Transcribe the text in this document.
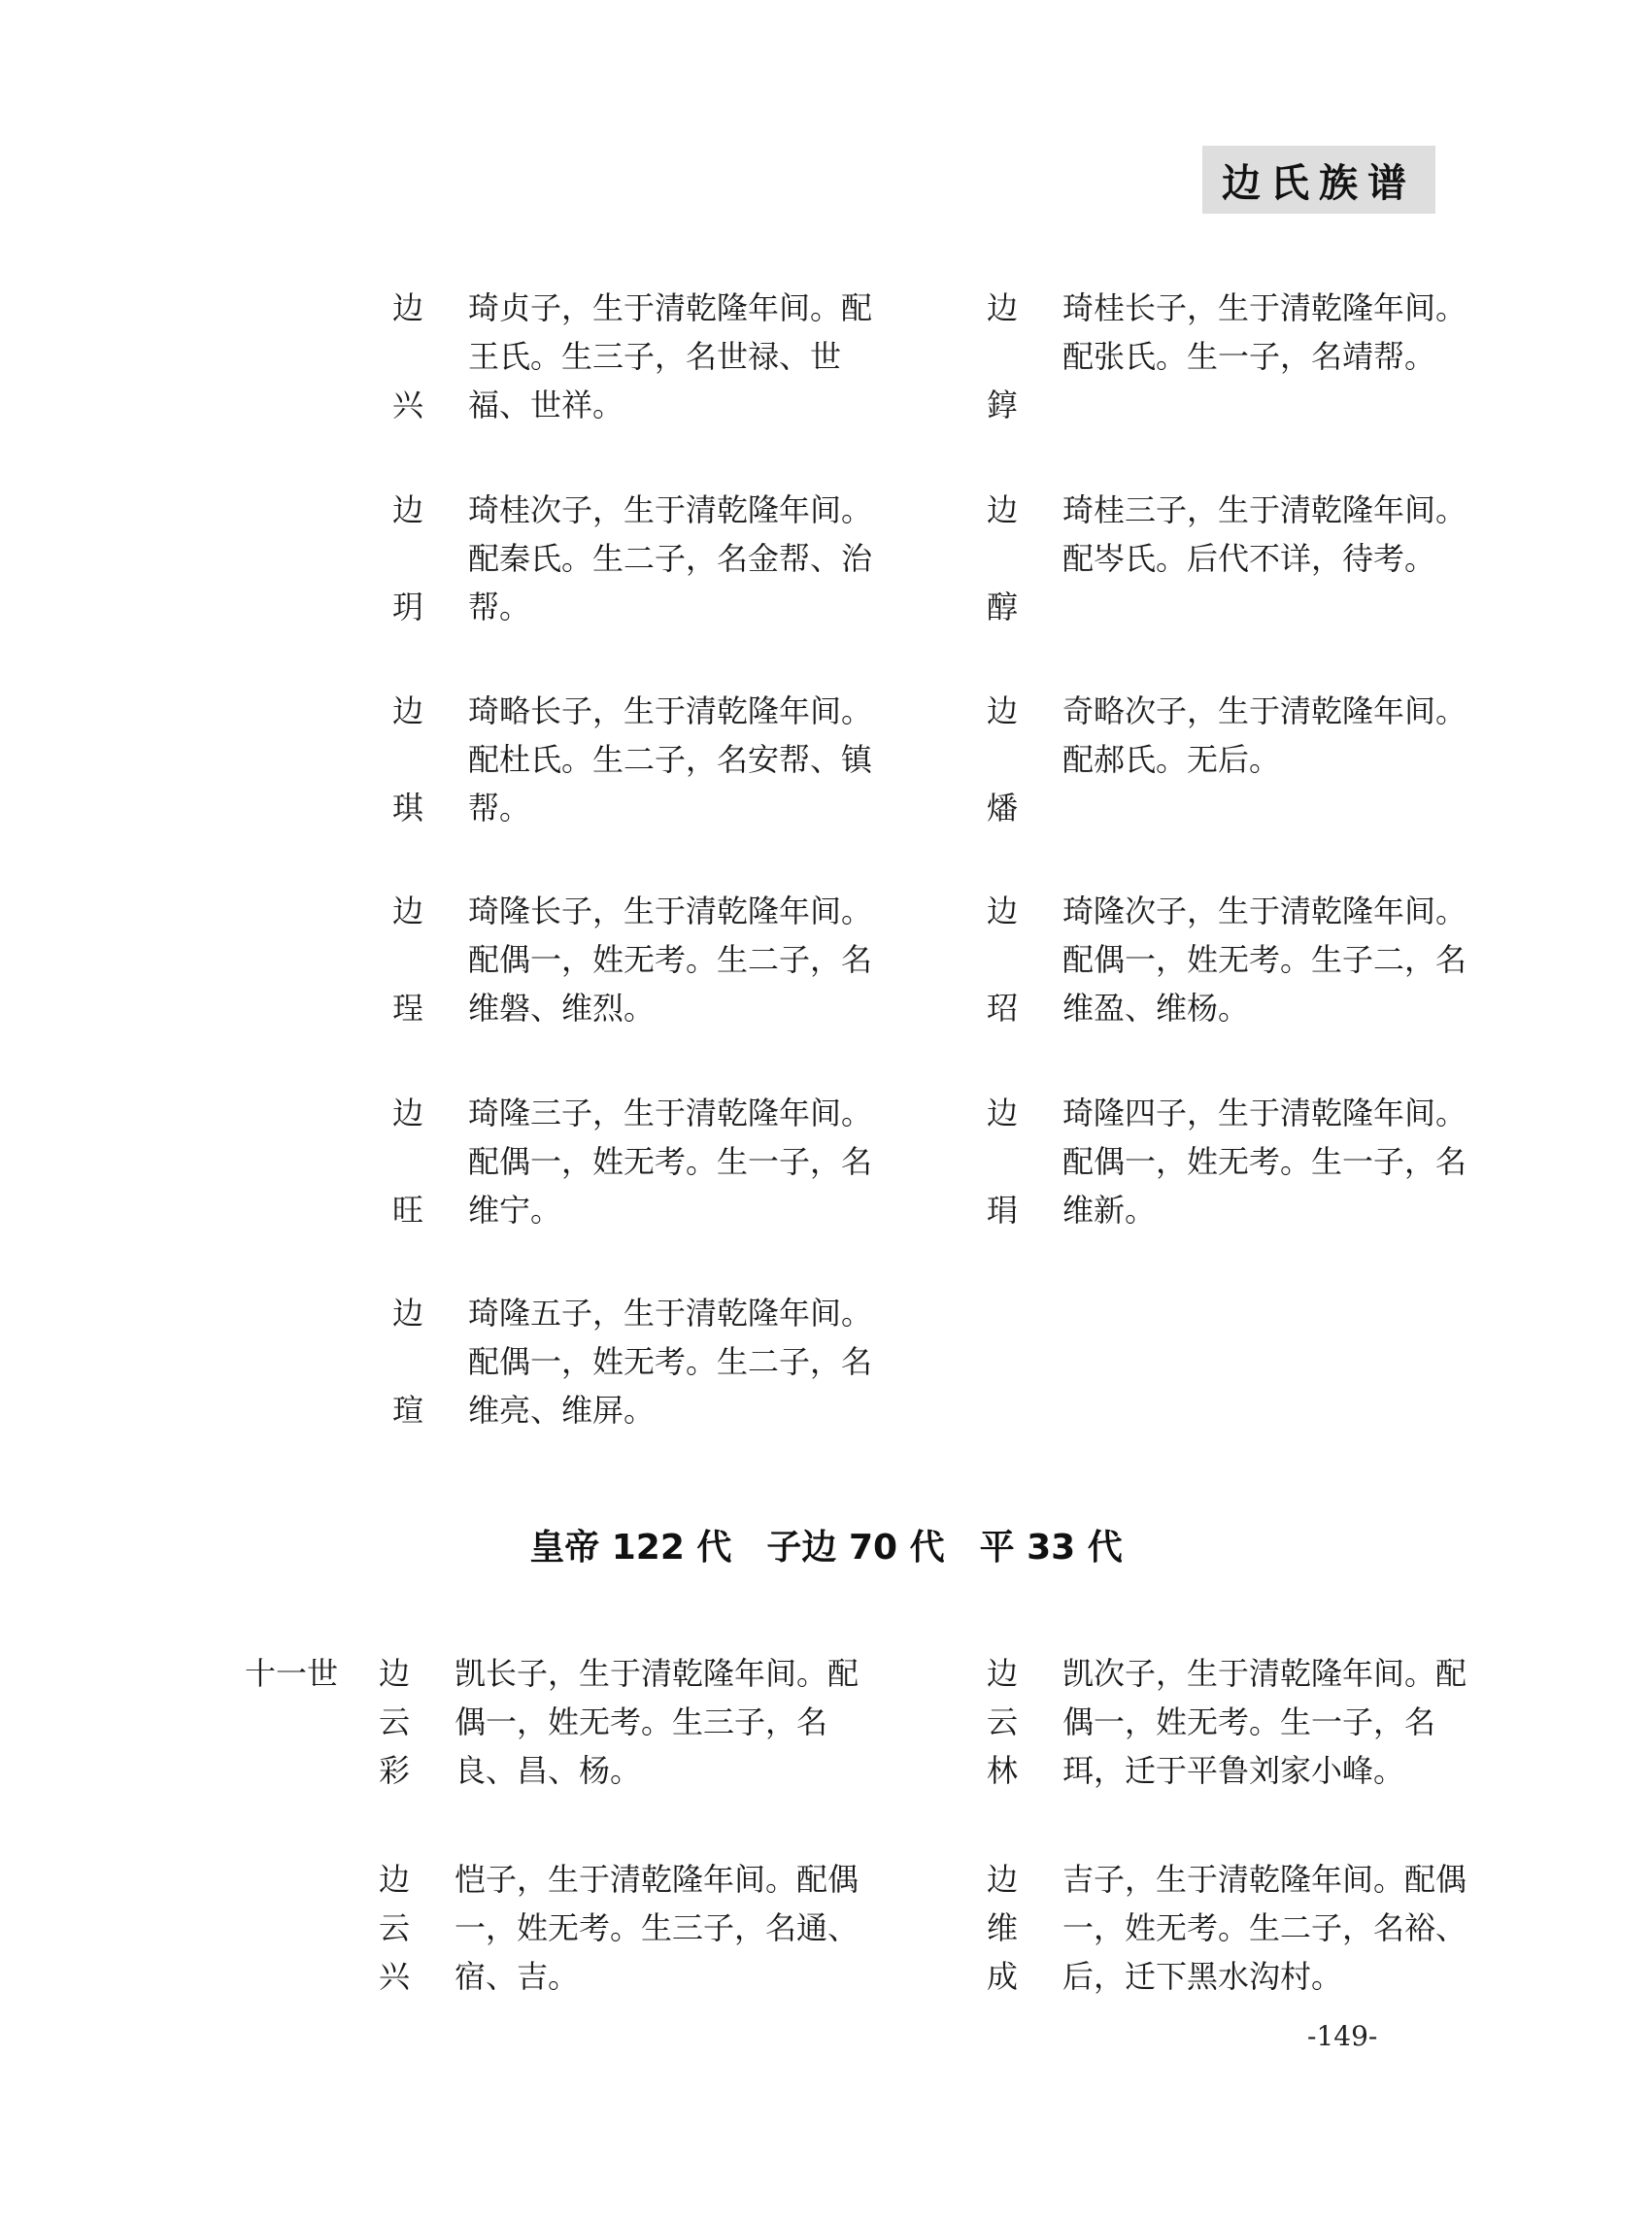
边氏族谱
边
兴
琦贞子，生于清乾隆年间。配王氏。生三子，名世禄、世福、世祥。
边
錞
琦桂长子，生于清乾隆年间。配张氏。生一子，名靖帮。
边
玥
琦桂次子，生于清乾隆年间。配秦氏。生二子，名金帮、治帮。
边
醇
琦桂三子，生于清乾隆年间。配岑氏。后代不详，待考。
边
琪
琦略长子，生于清乾隆年间。配杜氏。生二子，名安帮、镇帮。
边
燔
奇略次子，生于清乾隆年间。配郝氏。无后。
边
珵
琦隆长子，生于清乾隆年间。配偶一，姓无考。生二子，名维磐、维烈。
边
玿
琦隆次子，生于清乾隆年间。配偶一，姓无考。生子二，名维盈、维杨。
边
旺
琦隆三子，生于清乾隆年间。配偶一，姓无考。生一子，名维宁。
边
琄
琦隆四子，生于清乾隆年间。配偶一，姓无考。生一子，名维新。
边
瑄
琦隆五子，生于清乾隆年间。配偶一，姓无考。生二子，名维亮、维屏。
皇帝 122 代　子边 70 代　平 33 代
十一世 边
云
彩
凯长子，生于清乾隆年间。配偶一，姓无考。生三子，名良、昌、杨。
边
云
林
凯次子，生于清乾隆年间。配偶一，姓无考。生一子，名珥，迁于平鲁刘家小峰。
边
云
兴
恺子，生于清乾隆年间。配偶一，姓无考。生三子，名通、宿、吉。
边
维
成
吉子，生于清乾隆年间。配偶一，姓无考。生二子，名裕、后，迁下黑水沟村。
-149-
